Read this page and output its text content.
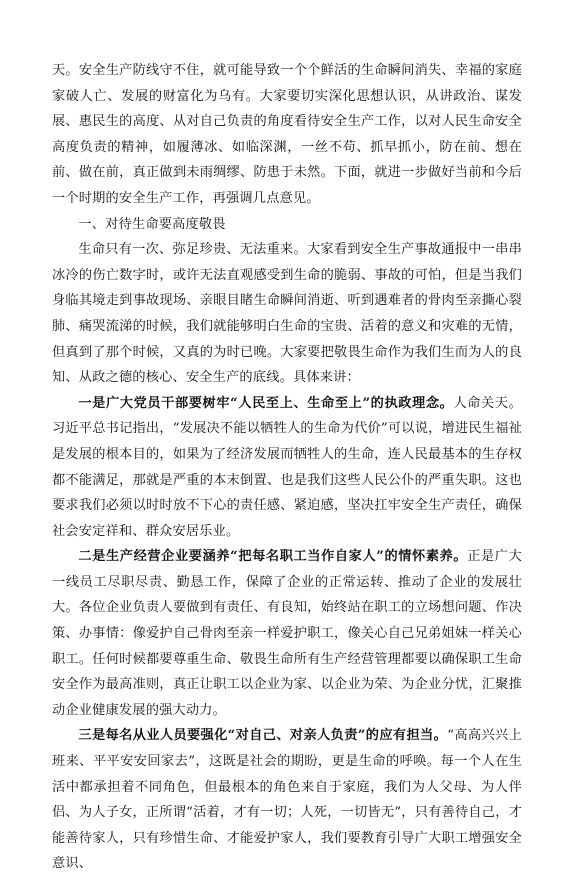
天。安全生产防线守不住，就可能导致一个个鲜活的生命瞬间消失、幸福的家庭家破人亡、发展的财富化为乌有。大家要切实深化思想认识，从讲政治、谋发展、惠民生的高度、从对自己负责的角度看待安全生产工作，以对人民生命安全高度负责的精神，如履薄冰、如临深渊，一丝不苟、抓早抓小，防在前、想在前、做在前，真正做到未雨绸缪、防患于未然。下面，就进一步做好当前和今后一个时期的安全生产工作，再强调几点意见。

一、对待生命要高度敬畏

生命只有一次、弥足珍贵、无法重来。大家看到安全生产事故通报中一串串冰冷的伤亡数字时，或许无法直观感受到生命的脆弱、事故的可怕，但是当我们身临其境走到事故现场、亲眼目睹生命瞬间消逝、听到遇难者的骨肉至亲撕心裂肺、痛哭流涕的时候，我们就能够明白生命的宝贵、活着的意义和灾难的无情，但真到了那个时候，又真的为时已晚。大家要把敬畏生命作为我们生而为人的良知、从政之德的核心、安全生产的底线。具体来讲：

一是广大党员干部要树牢“人民至上、生命至上”的执政理念。人命关天。习近平总书记指出，“发展决不能以牺牲人的生命为代价”可以说，增进民生福祉是发展的根本目的，如果为了经济发展而牺牲人的生命，连人民最基本的生存权都不能满足，那就是严重的本末倒置、也是我们这些人民公仆的严重失职。这也要求我们必须以时时放不下心的责任感、紧迫感，坚决扛牢安全生产责任，确保社会安定祥和、群众安居乐业。

二是生产经营企业要涵养“把每名职工当作自家人”的情怀素养。正是广大一线员工尽职尽责、勤恳工作，保障了企业的正常运转、推动了企业的发展壮大。各位企业负责人要做到有责任、有良知，始终站在职工的立场想问题、作决策、办事情：像爱护自己骨肉至亲一样爱护职工，像关心自己兄弟姐妹一样关心职工。任何时候都要尊重生命、敬畏生命所有生产经营管理都要以确保职工生命安全作为最高准则，真正让职工以企业为家、以企业为荣、为企业分忧，汇聚推动企业健康发展的强大动力。

三是每名从业人员要强化“对自己、对亲人负责”的应有担当。“高高兴兴上班来、平平安安回家去”，这既是社会的期盼，更是生命的呼唤。每一个人在生活中都承担着不同角色，但最根本的角色来自于家庭，我们为人父母、为人伴侣、为人子女，正所谓“活着，才有一切；人死，一切皆无”，只有善待自己，才能善待家人，只有珍惜生命、才能爱护家人，我们要教育引导广大职工增强安全意识、
